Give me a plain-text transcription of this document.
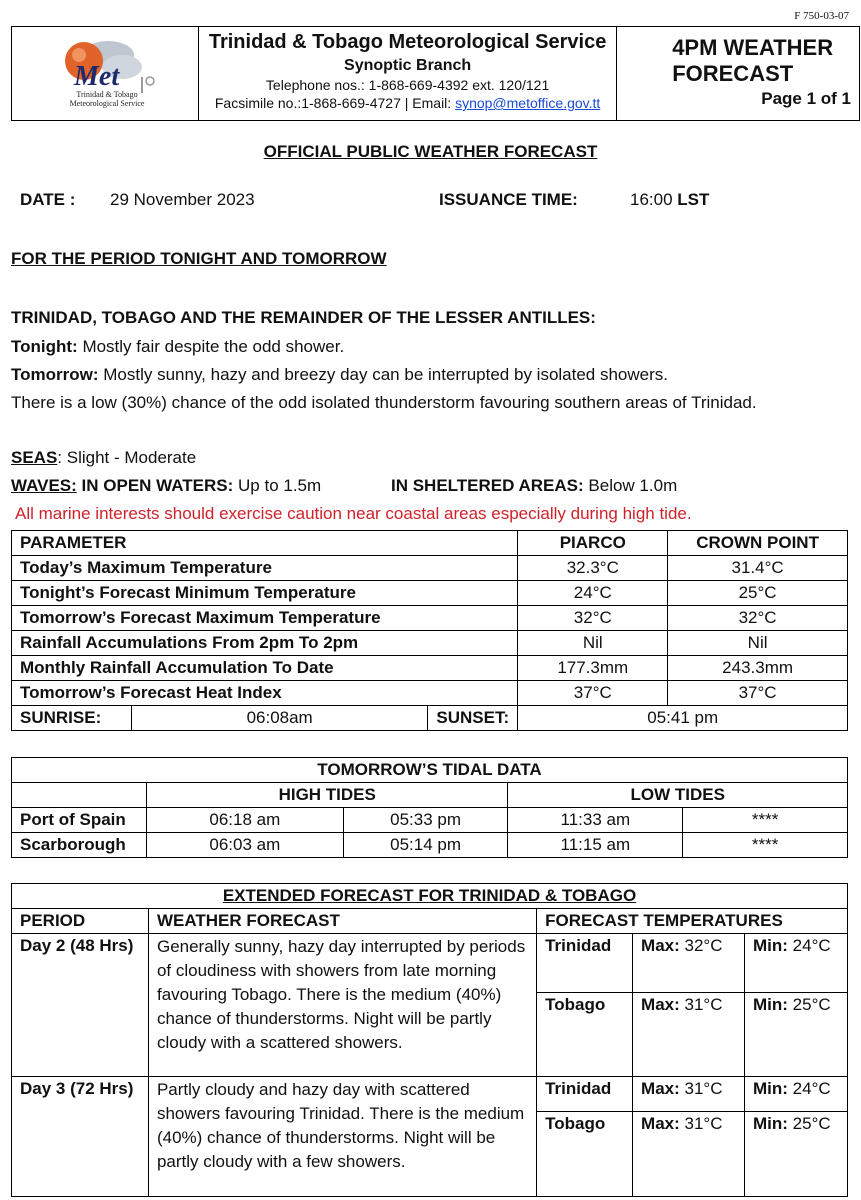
F 750-03-07
Met
Trinidad & Tobago
Meteorological Service

Trinidad & Tobago Meteorological Service
Synoptic Branch
Telephone nos.: 1-868-669-4392 ext. 120/121
Facsimile no.:1-868-669-4727 | Email: synop@metoffice.gov.tt

4PM WEATHER
FORECAST
Page 1 of 1
OFFICIAL PUBLIC WEATHER FORECAST
DATE : 29 November 2023	ISSUANCE TIME:	16:00 LST
FOR THE PERIOD TONIGHT AND TOMORROW
TRINIDAD, TOBAGO AND THE REMAINDER OF THE LESSER ANTILLES:
Tonight: Mostly fair despite the odd shower.
Tomorrow: Mostly sunny, hazy and breezy day can be interrupted by isolated showers.
There is a low (30%) chance of the odd isolated thunderstorm favouring southern areas of Trinidad.
SEAS: Slight - Moderate
WAVES: IN OPEN WATERS: Up to 1.5m	IN SHELTERED AREAS: Below 1.0m
All marine interests should exercise caution near coastal areas especially during high tide.
PARAMETER			PIARCO	CROWN POINT
Today’s Maximum Temperature			32.3°C	31.4°C
Tonight’s Forecast Minimum Temperature			24°C	25°C
Tomorrow’s Forecast Maximum Temperature			32°C	32°C
Rainfall Accumulations From 2pm To 2pm			Nil	Nil
Monthly Rainfall Accumulation To Date			177.3mm	243.3mm
Tomorrow’s Forecast Heat Index			37°C	37°C
SUNRISE:	06:08am	SUNSET:	05:41 pm	
TOMORROW’S TIDAL DATA				
	HIGH TIDES		LOW TIDES	
Port of Spain	06:18 am	05:33 pm	11:33 am	****
Scarborough	06:03 am	05:14 pm	11:15 am	****
EXTENDED FORECAST FOR TRINIDAD & TOBAGO				
PERIOD	WEATHER FORECAST	FORECAST TEMPERATURES		
Day 2 (48 Hrs)	Generally sunny, hazy day interrupted by periods of cloudiness with showers from late morning favouring Tobago. There is the medium (40%) chance of thunderstorms. Night will be partly cloudy with a scattered showers.	Trinidad	Max: 32°C	Min: 24°C
		Tobago	Max: 31°C	Min: 25°C
Day 3 (72 Hrs)	Partly cloudy and hazy day with scattered showers favouring Trinidad. There is the medium (40%) chance of thunderstorms. Night will be partly cloudy with a few showers.	Trinidad	Max: 31°C	Min: 24°C
		Tobago	Max: 31°C	Min: 25°C
